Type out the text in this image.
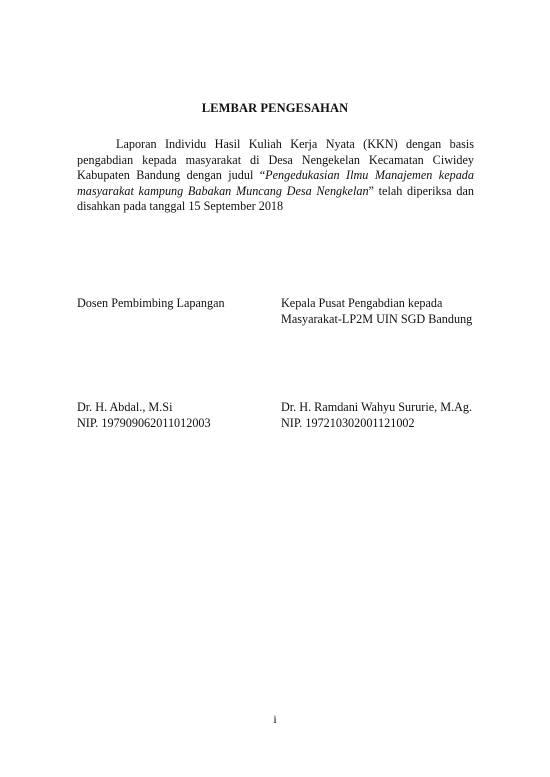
LEMBAR PENGESAHAN

Laporan Individu Hasil Kuliah Kerja Nyata (KKN) dengan basis pengabdian kepada masyarakat di Desa Nengekelan Kecamatan Ciwidey Kabupaten Bandung dengan judul “Pengedukasian Ilmu Manajemen kepada masyarakat kampung Babakan Muncang Desa Nengkelan” telah diperiksa dan disahkan pada tanggal 15 September 2018

Dosen Pembimbing Lapangan	Kepala Pusat Pengabdian kepada
Masyarakat-LP2M UIN SGD Bandung
Dr. H. Abdal., M.Si
NIP. 197909062011012003
Dr. H. Ramdani Wahyu Sururie, M.Ag.
NIP. 197210302001121002
i
